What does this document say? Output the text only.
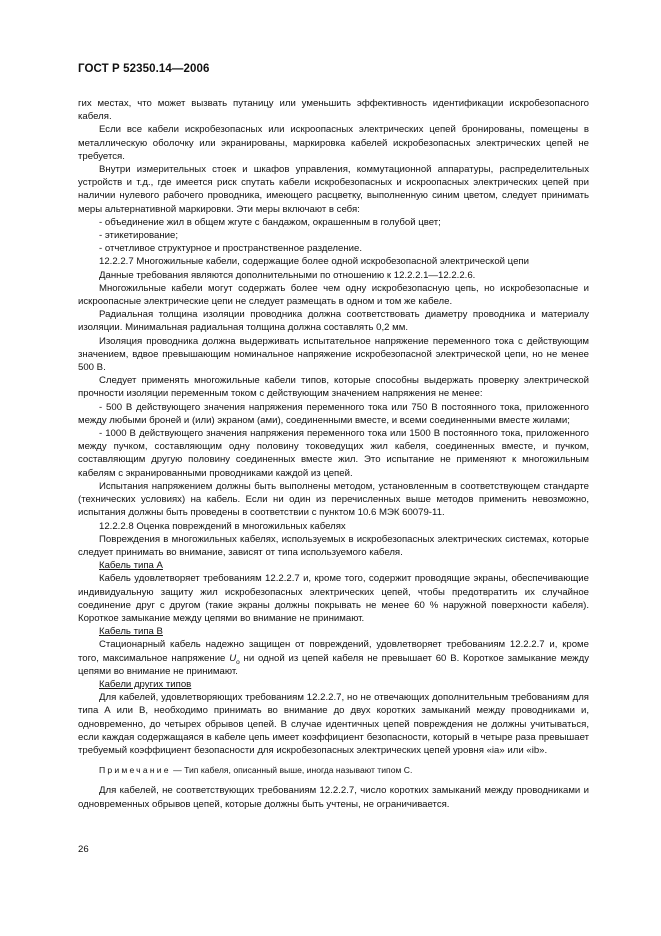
ГОСТ Р 52350.14—2006

гих местах, что может вызвать путаницу или уменьшить эффективность идентификации искробезопасного кабеля.

Если все кабели искробезопасных или искроопасных электрических цепей бронированы, помещены в металлическую оболочку или экранированы, маркировка кабелей искробезопасных электрических цепей не требуется.

Внутри измерительных стоек и шкафов управления, коммутационной аппаратуры, распределительных устройств и т.д., где имеется риск спутать кабели искробезопасных и искроопасных электрических цепей при наличии нулевого рабочего проводника, имеющего расцветку, выполненную синим цветом, следует принимать меры альтернативной маркировки. Эти меры включают в себя:

- объединение жил в общем жгуте с бандажом, окрашенным в голубой цвет;

- этикетирование;

- отчетливое структурное и пространственное разделение.

12.2.2.7 Многожильные кабели, содержащие более одной искробезопасной электрической цепи

Данные требования являются дополнительными по отношению к 12.2.2.1—12.2.2.6.

Многожильные кабели могут содержать более чем одну искробезопасную цепь, но искробезопасные и искроопасные электрические цепи не следует размещать в одном и том же кабеле.

Радиальная толщина изоляции проводника должна соответствовать диаметру проводника и материалу изоляции. Минимальная радиальная толщина должна составлять 0,2 мм.

Изоляция проводника должна выдерживать испытательное напряжение переменного тока с действующим значением, вдвое превышающим номинальное напряжение искробезопасной электрической цепи, но не менее 500 В.

Следует применять многожильные кабели типов, которые способны выдержать проверку электрической прочности изоляции переменным током с действующим значением напряжения не менее:

- 500 В действующего значения напряжения переменного тока или 750 В постоянного тока, приложенного между любыми броней и (или) экраном (ами), соединенными вместе, и всеми соединенными вместе жилами;

- 1000 В действующего значения напряжения переменного тока или 1500 В постоянного тока, приложенного между пучком, составляющим одну половину токоведущих жил кабеля, соединенных вместе, и пучком, составляющим другую половину соединенных вместе жил. Это испытание не применяют к многожильным кабелям с экранированными проводниками каждой из цепей.

Испытания напряжением должны быть выполнены методом, установленным в соответствующем стандарте (технических условиях) на кабель. Если ни один из перечисленных выше методов применить невозможно, испытания должны быть проведены в соответствии с пунктом 10.6 МЭК 60079-11.

12.2.2.8 Оценка повреждений в многожильных кабелях

Повреждения в многожильных кабелях, используемых в искробезопасных электрических системах, которые следует принимать во внимание, зависят от типа используемого кабеля.

Кабель типа А

Кабель удовлетворяет требованиям 12.2.2.7 и, кроме того, содержит проводящие экраны, обеспечивающие индивидуальную защиту жил искробезопасных электрических цепей, чтобы предотвратить их случайное соединение друг с другом (такие экраны должны покрывать не менее 60 % наружной поверхности кабеля). Короткое замыкание между цепями во внимание не принимают.

Кабель типа В

Стационарный кабель надежно защищен от повреждений, удовлетворяет требованиям 12.2.2.7 и, кроме того, максимальное напряжение $U_o$ ни одной из цепей кабеля не превышает 60 В. Короткое замыкание между цепями во внимание не принимают.

Кабели других типов

Для кабелей, удовлетворяющих требованиям 12.2.2.7, но не отвечающих дополнительным требованиям для типа А или В, необходимо принимать во внимание до двух коротких замыканий между проводниками и, одновременно, до четырех обрывов цепей. В случае идентичных цепей повреждения не должны учитываться, если каждая содержащаяся в кабеле цепь имеет коэффициент безопасности, который в четыре раза превышает требуемый коэффициент безопасности для искробезопасных электрических цепей уровня «ia» или «ib».

Примечание — Тип кабеля, описанный выше, иногда называют типом С.

Для кабелей, не соответствующих требованиям 12.2.2.7, число коротких замыканий между проводниками и одновременных обрывов цепей, которые должны быть учтены, не ограничивается.

26
